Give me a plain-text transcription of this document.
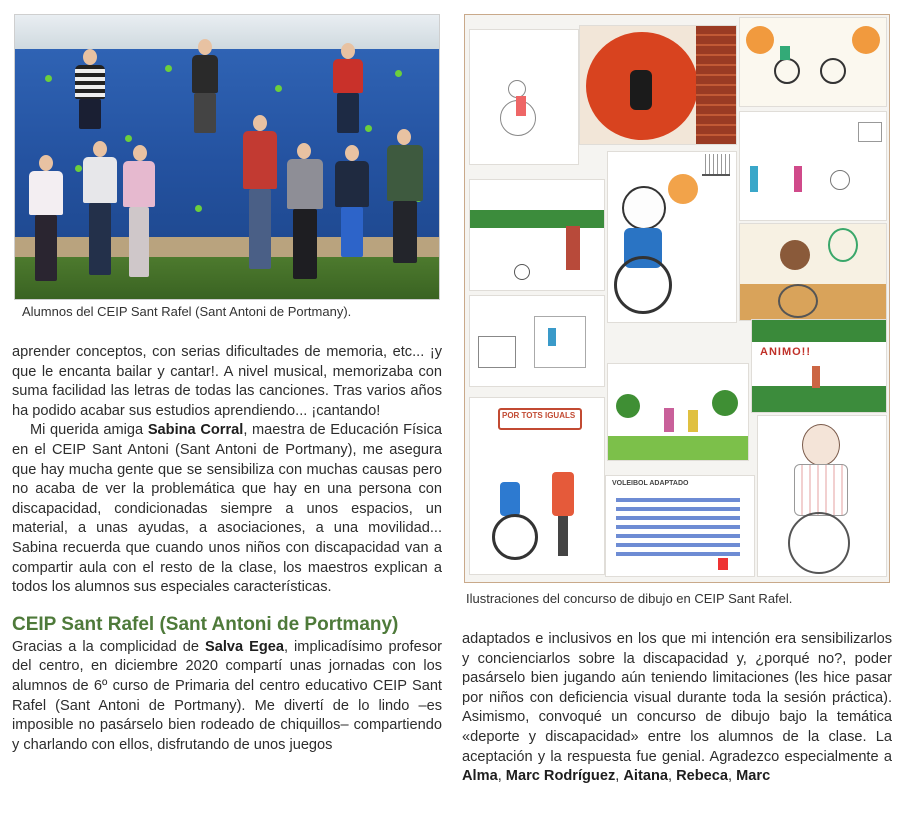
Alumnos del CEIP Sant Rafel (Sant Antoni de Portmany).
aprender conceptos, con serias dificultades de memoria, etc... ¡y que le encanta bailar y cantar!. A nivel musical, memorizaba con suma facilidad las letras de todas las canciones. Tras varios años ha podido acabar sus estudios aprendiendo... ¡cantando!
Mi querida amiga Sabina Corral, maestra de Educación Física en el CEIP Sant Antoni (Sant Antoni de Portmany), me asegura que hay mucha gente que se sensibiliza con muchas causas pero no acaba de ver la problemática que hay en una persona con discapacidad, condicionadas siempre a unos espacios, un material, a unas ayudas, a asociaciones, a una movilidad... Sabina recuerda que cuando unos niños con discapacidad van a compartir aula con el resto de la clase, los maestros explican a todos los alumnos sus especiales características.
CEIP Sant Rafel (Sant Antoni de Portmany)
Gracias a la complicidad de Salva Egea, implicadísimo profesor del centro, en diciembre 2020 compartí unas jornadas con los alumnos de 6º curso de Primaria del centro educativo CEIP Sant Rafel (Sant Antoni de Portmany). Me divertí de lo lindo –es imposible no pasárselo bien rodeado de chiquillos– compartiendo y charlando con ellos, disfrutando de unos juegos
ANIMO!!
POR TOTS IGUALS
VOLEIBOL ADAPTADO
Ilustraciones del concurso de dibujo en CEIP Sant Rafel.
adaptados e inclusivos en los que mi intención era sensibilizarlos y concienciarlos sobre la discapacidad y, ¿porqué no?, poder pasárselo bien jugando aún teniendo limitaciones (les hice pasar por niños con deficiencia visual durante toda la sesión práctica). Asimismo, convoqué un concurso de dibujo bajo la temática «deporte y discapacidad» entre los alumnos de la clase. La aceptación y la respuesta fue genial. Agradezco especialmente a Alma, Marc Rodríguez, Aitana, Rebeca, Marc
